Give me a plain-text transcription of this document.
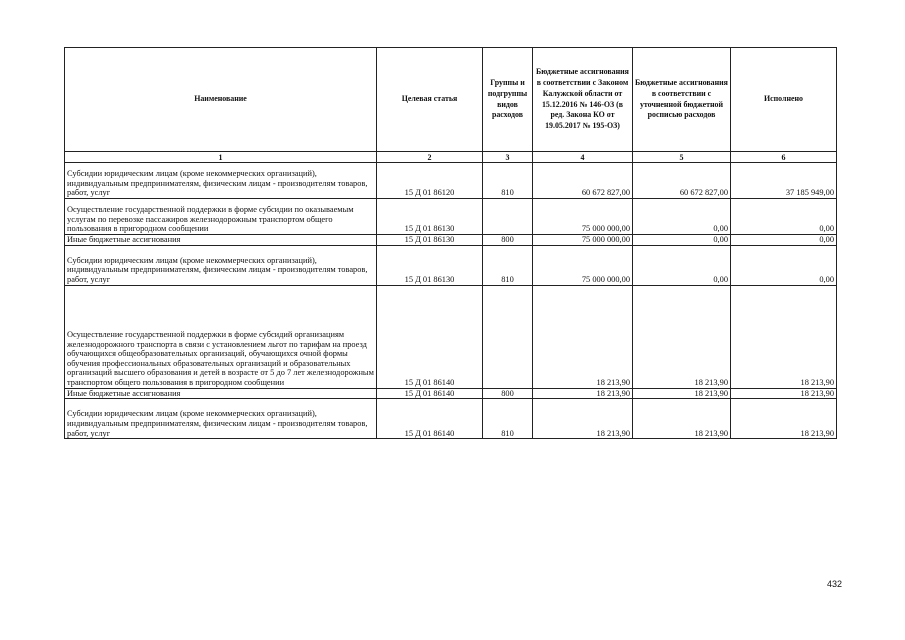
Наименование	Целевая статья	Группы и подгруппы видов расходов	Бюджетные ассигнования в соответствии с Законом Калужской области от 15.12.2016 № 146-ОЗ (в ред. Закона КО от 19.05.2017 № 195-ОЗ)	Бюджетные ассигнования в соответствии с уточненной бюджетной росписью расходов	Исполнено
1	2	3	4	5	6
Субсидии юридическим лицам (кроме некоммерческих организаций), индивидуальным предпринимателям, физическим лицам - производителям товаров, работ, услуг	15 Д 01 86120	810	60 672 827,00	60 672 827,00	37 185 949,00
Осуществление государственной поддержки в форме субсидии по оказываемым услугам по перевозке пассажиров железнодорожным транспортом общего пользования в пригородном сообщении	15 Д 01 86130		75 000 000,00	0,00	0,00
Иные бюджетные ассигнования	15 Д 01 86130	800	75 000 000,00	0,00	0,00
Субсидии юридическим лицам (кроме некоммерческих организаций), индивидуальным предпринимателям, физическим лицам - производителям товаров, работ, услуг	15 Д 01 86130	810	75 000 000,00	0,00	0,00
Осуществление государственной поддержки в форме субсидий организациям железнодорожного транспорта в связи с установлением льгот по тарифам на проезд обучающихся общеобразовательных организаций, обучающихся очной формы обучения профессиональных образовательных организаций и образовательных организаций высшего образования и детей в возрасте от 5 до 7 лет железнодорожным транспортом общего пользования в пригородном сообщении	15 Д 01 86140		18 213,90	18 213,90	18 213,90
Иные бюджетные ассигнования	15 Д 01 86140	800	18 213,90	18 213,90	18 213,90
Субсидии юридическим лицам (кроме некоммерческих организаций), индивидуальным предпринимателям, физическим лицам - производителям товаров, работ, услуг	15 Д 01 86140	810	18 213,90	18 213,90	18 213,90
432
